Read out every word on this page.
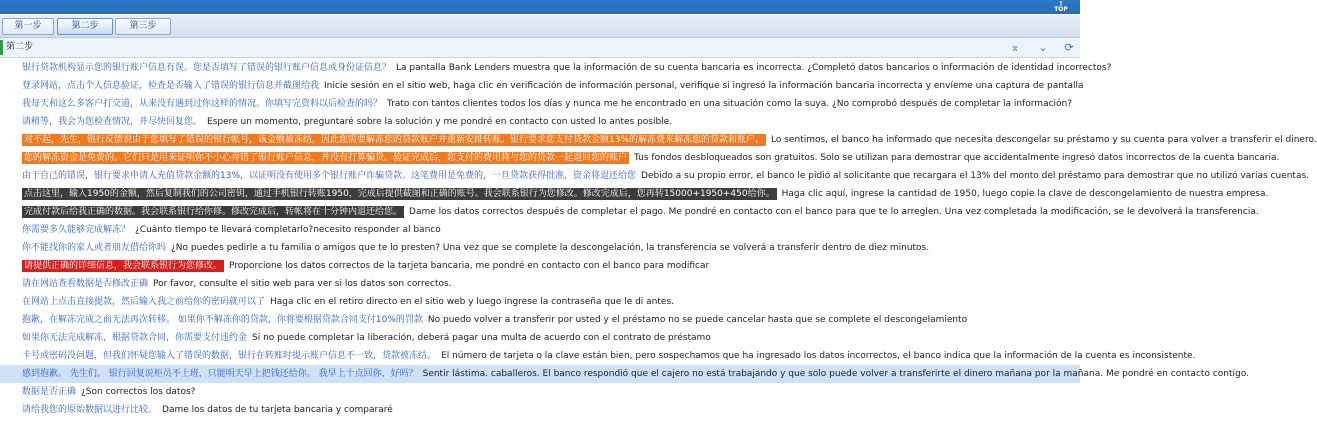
⇑
TOP
第一步	第二步	第三步
第二步	⌅	⌄	⟳
银行贷款机构显示您的银行账户信息有误。您是否填写了错误的银行账户信息或身份证信息？ La pantalla Bank Lenders muestra que la información de su cuenta bancaria es incorrecta. ¿Completó datos bancarios o información de identidad incorrectos?
登录网站，点击个人信息验证，检查是否输入了错误的银行信息并截图给我 Inicie sesión en el sitio web, haga clic en verificación de información personal, verifique si ingresó la información bancaria incorrecta y envíeme una captura de pantalla
我每天和这么多客户打交道，从来没有遇到过你这样的情况。你填写完资料以后检查的吗？ Trato con tantos clientes todos los días y nunca me he encontrado en una situación como la suya. ¿No comprobó después de completar la información?
请稍等，我会为您检查情况，并尽快回复您。 Espere un momento, preguntaré sobre la solución y me pondré en contacto con usted lo antes posible.
对不起，先生，银行反馈说由于您填写了错误的银行帐号，该金额被冻结，因此您需要解冻您的贷款账户并重新安排转账。银行要求您支付贷款金额13%的解冻费来解冻您的贷款和账户。 Lo sentimos, el banco ha informado que necesita descongelar su préstamo y su cuenta para volver a transferir el dinero.
您的解冻资金是免费的。它们只是用来证明你不小心弄错了银行账户信息，并没有打算骗贷。验证完成后，您支付的费用将与您的贷款一起退回您的账户 Tus fondos desbloqueados son gratuitos. Solo se utilizan para demostrar que accidentalmente ingresó datos incorrectos de la cuenta bancaria.
由于自己的错误，银行要求申请人充值贷款金额的13%，以证明没有使用多个银行账户诈骗贷款。这笔费用是免费的，一旦贷款获得批准，资金将退还给您 Debido a su propio error, el banco le pidió al solicitante que recargara el 13% del monto del préstamo para demostrar que no utilizó varias cuentas.
点击这里，输入1950的金额，然后复制我们的公司密钥，通过手机银行转账1950，完成后提供截图和正确的账号。我会联系银行为您修改。修改完成后，您再转15000+1950+450给你。 Haga clic aquí, ingrese la cantidad de 1950, luego copie la clave de descongelamiento de nuestra empresa.
完成付款后给我正确的数据。我会联系银行给你修。修改完成后，转帐将在十分钟内退还给您。 Dame los datos correctos después de completar el pago. Me pondré en contacto con el banco para que te lo arreglen. Una vez completada la modificación, se le devolverá la transferencia.
你需要多久能够完成解冻？ ¿Cuánto tiempo te llevará completarlo?necesito responder al banco
你不能找你的家人或者朋友借给你吗 ¿No puedes pedirle a tu familia o amigos que te lo presten? Una vez que se complete la descongelación, la transferencia se volverá a transferir dentro de diez minutos.
请提供正确的详细信息，我会联系银行为您修改。 Proporcione los datos correctos de la tarjeta bancaria, me pondré en contacto con el banco para modificar
请在网站查看数据是否修改正确 Por favor, consulte el sitio web para ver si los datos son correctos.
在网站上点击直接提款，然后输入我之前给你的密码就可以了 Haga clic en el retiro directo en el sitio web y luego ingrese la contraseña que le di antes.
抱歉，在解冻完成之前无法再次转移。 如果你不解冻你的贷款，你将要根据贷款合同支付10%的罚款 No puedo volver a transferir por usted y el préstamo no se puede cancelar hasta que se complete el descongelamiento
如果你无法完成解冻，根据贷款合同，你需要支付违约金 Si no puede completar la liberación, deberá pagar una multa de acuerdo con el contrato de préstamo
卡号或密码没问题，但我们怀疑您输入了错误的数据，银行在转账时提示账户信息不一致，贷款被冻结。 El número de tarjeta o la clave están bien, pero sospechamos que ha ingresado los datos incorrectos, el banco indica que la información de la cuenta es inconsistente.
感到抱歉。 先生们。 银行回复说柜员不上班，只能明天早上把钱还给你。 我早上十点回你，好吗？ Sentir lástima. caballeros. El banco respondió que el cajero no está trabajando y que solo puede volver a transferirte el dinero mañana por la mañana. Me pondré en contacto contigo.
数据是否正确 ¿Son correctos los datos?
请给我您的原始数据以进行比较。 Dame los datos de tu tarjeta bancaria y compararé
